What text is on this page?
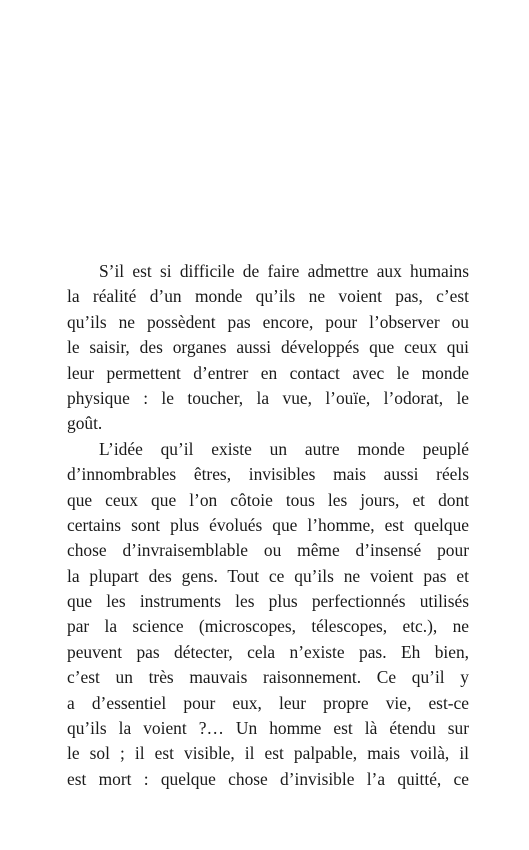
S’il est si difficile de faire admettre aux humains
la réalité d’un monde qu’ils ne voient pas, c’est
qu’ils ne possèdent pas encore, pour l’observer ou
le saisir, des organes aussi développés que ceux qui
leur permettent d’entrer en contact avec le monde
physique : le toucher, la vue, l’ouïe, l’odorat, le
goût.
L’idée qu’il existe un autre monde peuplé
d’innombrables êtres, invisibles mais aussi réels
que ceux que l’on côtoie tous les jours, et dont
certains sont plus évolués que l’homme, est quelque
chose d’invraisemblable ou même d’insensé pour
la plupart des gens. Tout ce qu’ils ne voient pas et
que les instruments les plus perfectionnés utilisés
par la science (microscopes, télescopes, etc.), ne
peuvent pas détecter, cela n’existe pas. Eh bien,
c’est un très mauvais raisonnement. Ce qu’il y
a d’essentiel pour eux, leur propre vie, est-ce
qu’ils la voient ?… Un homme est là étendu sur
le sol ; il est visible, il est palpable, mais voilà, il
est mort : quelque chose d’invisible l’a quitté, ce
